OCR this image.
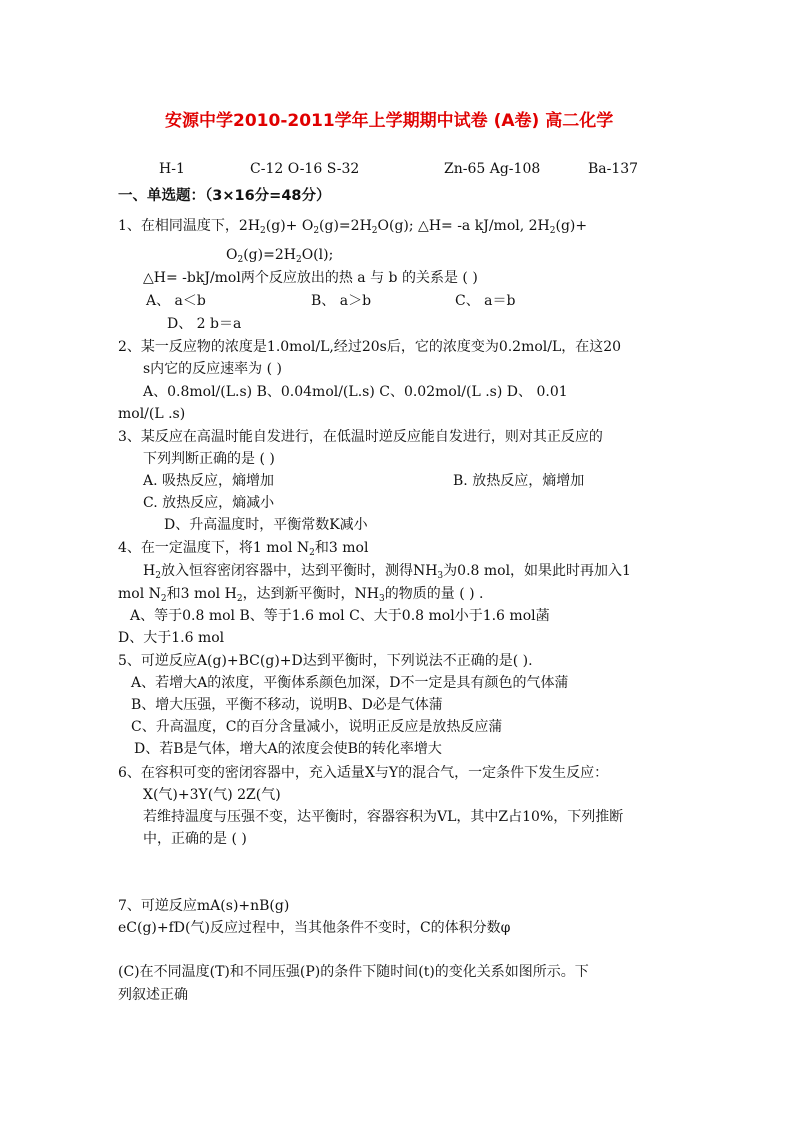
安源中学2010-2011学年上学期期中试卷 (A卷) 高二化学
H-1	C-12 O-16 S-32	Zn-65 Ag-108	Ba-137
一、单选题：（3×16分=48分）
1、在相同温度下，$2H_2(g)+ O_2(g)=2H_2O(g)$; △H= -a kJ/mol, $2H_2(g)+$
$O_2(g)=2H_2O(l)$;
△H= -bkJ/mol两个反应放出的热 a 与 b 的关系是 ( )
A、 a＜b	B、 a＞b	C、 a＝b
D、 2 b＝a
2、某一反应物的浓度是1.0mol/L,经过20s后，它的浓度变为0.2mol/L，在这20
s内它的反应速率为 ( )
A、0.8mol/(L.s) B、0.04mol/(L.s) C、0.02mol/(L .s) D、 0.01
mol/(L .s)
3、某反应在高温时能自发进行，在低温时逆反应能自发进行，则对其正反应的
下列判断正确的是 ( )
A. 吸热反应，熵增加	B. 放热反应，熵增加
C. 放热反应，熵减小
D、升高温度时，平衡常数K减小
4、在一定温度下，将1 mol $N_2$和3 mol
$H_2$放入恒容密闭容器中，达到平衡时，测得$NH_3$为0.8 mol，如果此时再加入1
mol $N_2$和3 mol $H_2$，达到新平衡时，$NH_3$的物质的量 ( ) .
A、等于0.8 mol B、等于1.6 mol C、大于0.8 mol小于1.6 mol菡
D、大于1.6 mol
5、可逆反应A(g)+BC(g)+D达到平衡时，下列说法不正确的是( ).
A、若增大A的浓度，平衡体系颜色加深，D不一定是具有颜色的气体蒲
B、增大压强，平衡不移动，说明B、D必是气体蒲
C、升高温度，C的百分含量减小，说明正反应是放热反应蒲
D、若B是气体，增大A的浓度会使B的转化率增大
6、在容积可变的密闭容器中，充入适量X与Y的混合气，一定条件下发生反应：
X(气)+3Y(气) 2Z(气)
若维持温度与压强不变，达平衡时，容器容积为VL，其中Z占10%，下列推断
中，正确的是 ( )
7、可逆反应mA(s)+nB(g)
eC(g)+fD(气)反应过程中，当其他条件不变时，C的体积分数φ
(C)在不同温度(T)和不同压强(P)的条件下随时间(t)的变化关系如图所示。下
列叙述正确
